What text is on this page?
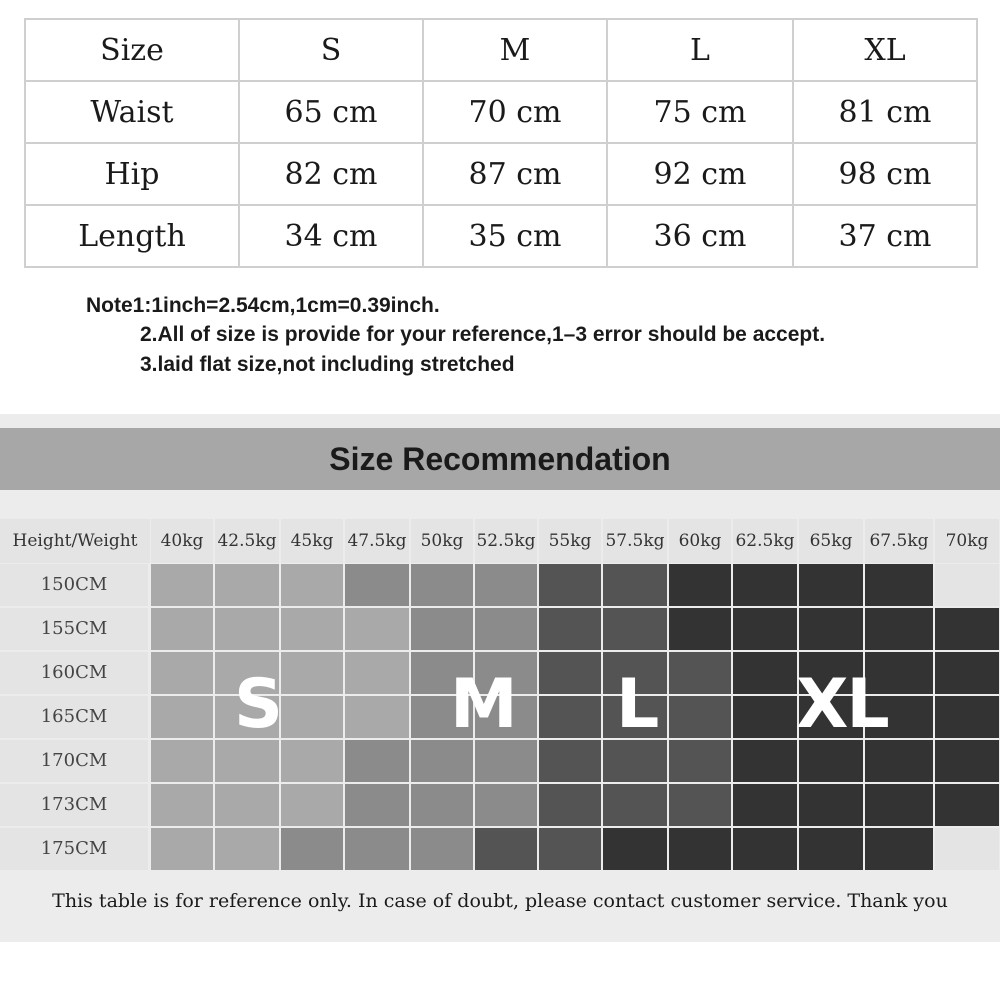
Size	S	M	L	XL
Waist	65 cm	70 cm	75 cm	81 cm
Hip	82 cm	87 cm	92 cm	98 cm
Length	34 cm	35 cm	36 cm	37 cm
Note1:1inch=2.54cm,1cm=0.39inch.
2.All of size is provide for your reference,1–3 error should be accept.
3.laid flat size,not including stretched
Size Recommendation
Height/Weight	40kg 42.5kg 45kg 47.5kg 50kg 52.5kg 55kg 57.5kg 60kg 62.5kg 65kg	67.5kg	70kg
150CM
155CM
160CM
165CM
170CM
173CM
175CM
S M L XL
This table is for reference only. In case of doubt, please contact customer service. Thank you
